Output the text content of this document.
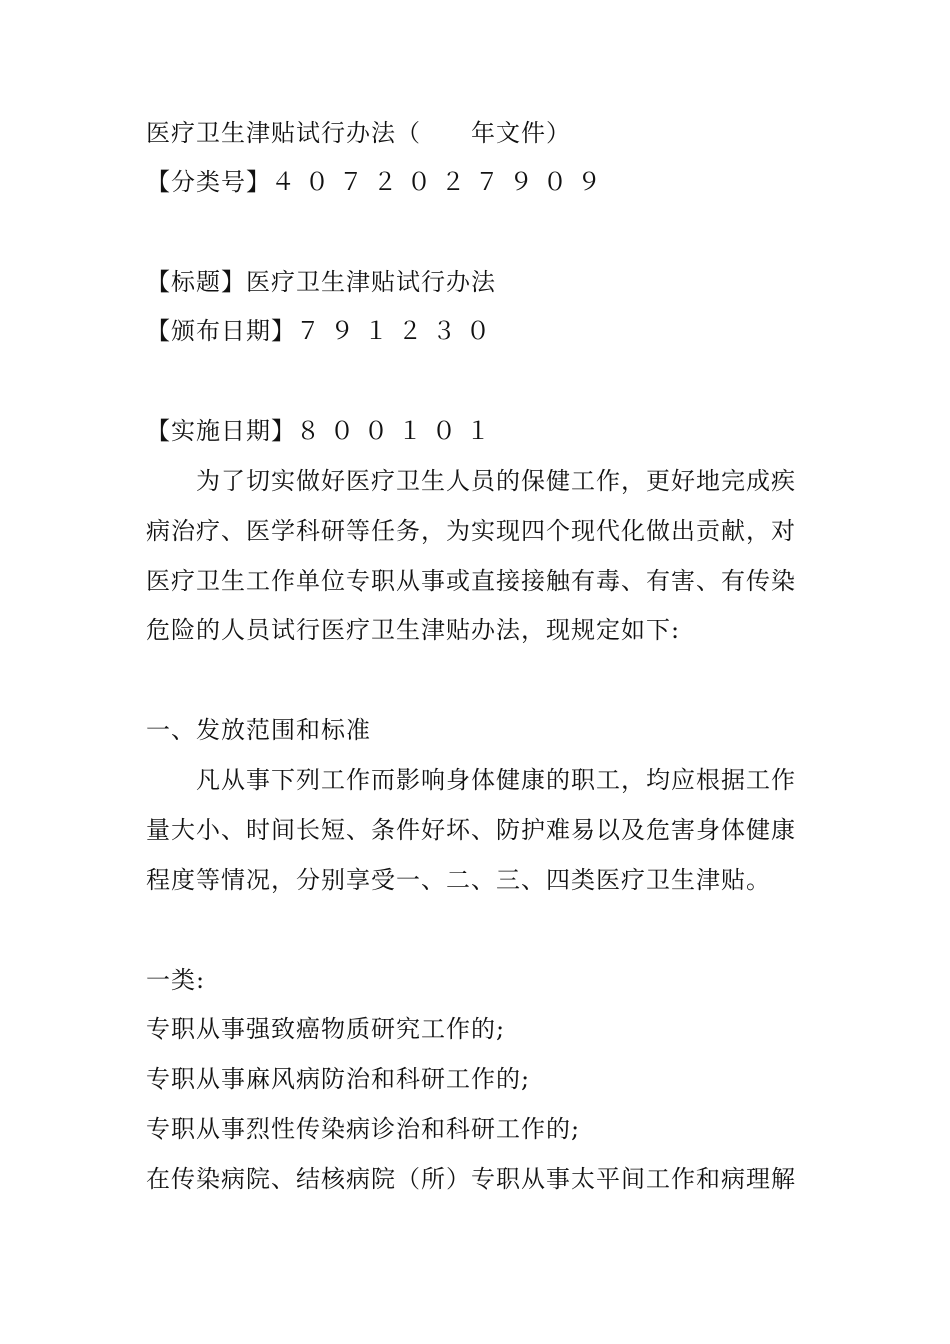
医疗卫生津贴试行办法（　　年文件）
【分类号】４０７２０２７９０９
【标题】医疗卫生津贴试行办法
【颁布日期】７９１２３０
【实施日期】８００１０１
为了切实做好医疗卫生人员的保健工作，更好地完成疾
病治疗、医学科研等任务，为实现四个现代化做出贡献，对
医疗卫生工作单位专职从事或直接接触有毒、有害、有传染
危险的人员试行医疗卫生津贴办法，现规定如下:
一、发放范围和标准
凡从事下列工作而影响身体健康的职工，均应根据工作
量大小、时间长短、条件好坏、防护难易以及危害身体健康
程度等情况，分别享受一、二、三、四类医疗卫生津贴。
一类:
专职从事强致癌物质研究工作的;
专职从事麻风病防治和科研工作的;
专职从事烈性传染病诊治和科研工作的;
在传染病院、结核病院（所）专职从事太平间工作和病理解
